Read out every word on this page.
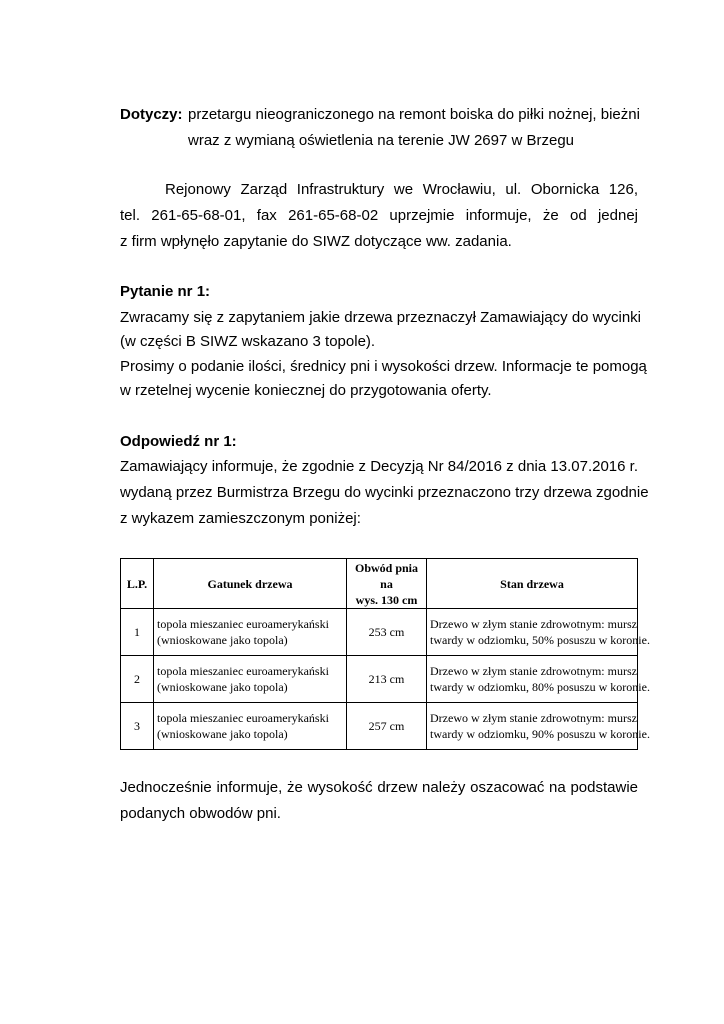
Dotyczy: przetargu nieograniczonego na remont boiska do piłki nożnej, bieżni
wraz z wymianą oświetlenia na terenie JW 2697 w Brzegu
Rejonowy Zarząd Infrastruktury we Wrocławiu, ul. Obornicka 126,
tel. 261-65-68-01, fax 261-65-68-02 uprzejmie informuje, że od jednej
z firm wpłynęło zapytanie do SIWZ dotyczące ww. zadania.
Pytanie nr 1:
Zwracamy się z zapytaniem jakie drzewa przeznaczył Zamawiający do wycinki
(w części B SIWZ wskazano 3 topole).
Prosimy o podanie ilości, średnicy pni i wysokości drzew. Informacje te pomogą
w rzetelnej wycenie koniecznej do przygotowania oferty.
Odpowiedź nr 1:
Zamawiający informuje, że zgodnie z Decyzją Nr 84/2016 z dnia 13.07.2016 r.
wydaną przez Burmistrza Brzegu do wycinki przeznaczono trzy drzewa zgodnie
z wykazem zamieszczonym poniżej:
L.P.	Gatunek drzewa	Obwód pnia na
wys. 130 cm	Stan drzewa
1	topola mieszaniec euroamerykański
(wnioskowane jako topola)	253 cm	Drzewo w złym stanie zdrowotnym: mursz
twardy w odziomku, 50% posuszu w koronie.

2	topola mieszaniec euroamerykański
(wnioskowane jako topola)	213 cm	Drzewo w złym stanie zdrowotnym: mursz
twardy w odziomku, 80% posuszu w koronie.

3	topola mieszaniec euroamerykański
(wnioskowane jako topola)	257 cm	Drzewo w złym stanie zdrowotnym: mursz
twardy w odziomku, 90% posuszu w koronie.
Jednocześnie informuje, że wysokość drzew należy oszacować na podstawie
podanych obwodów pni.
